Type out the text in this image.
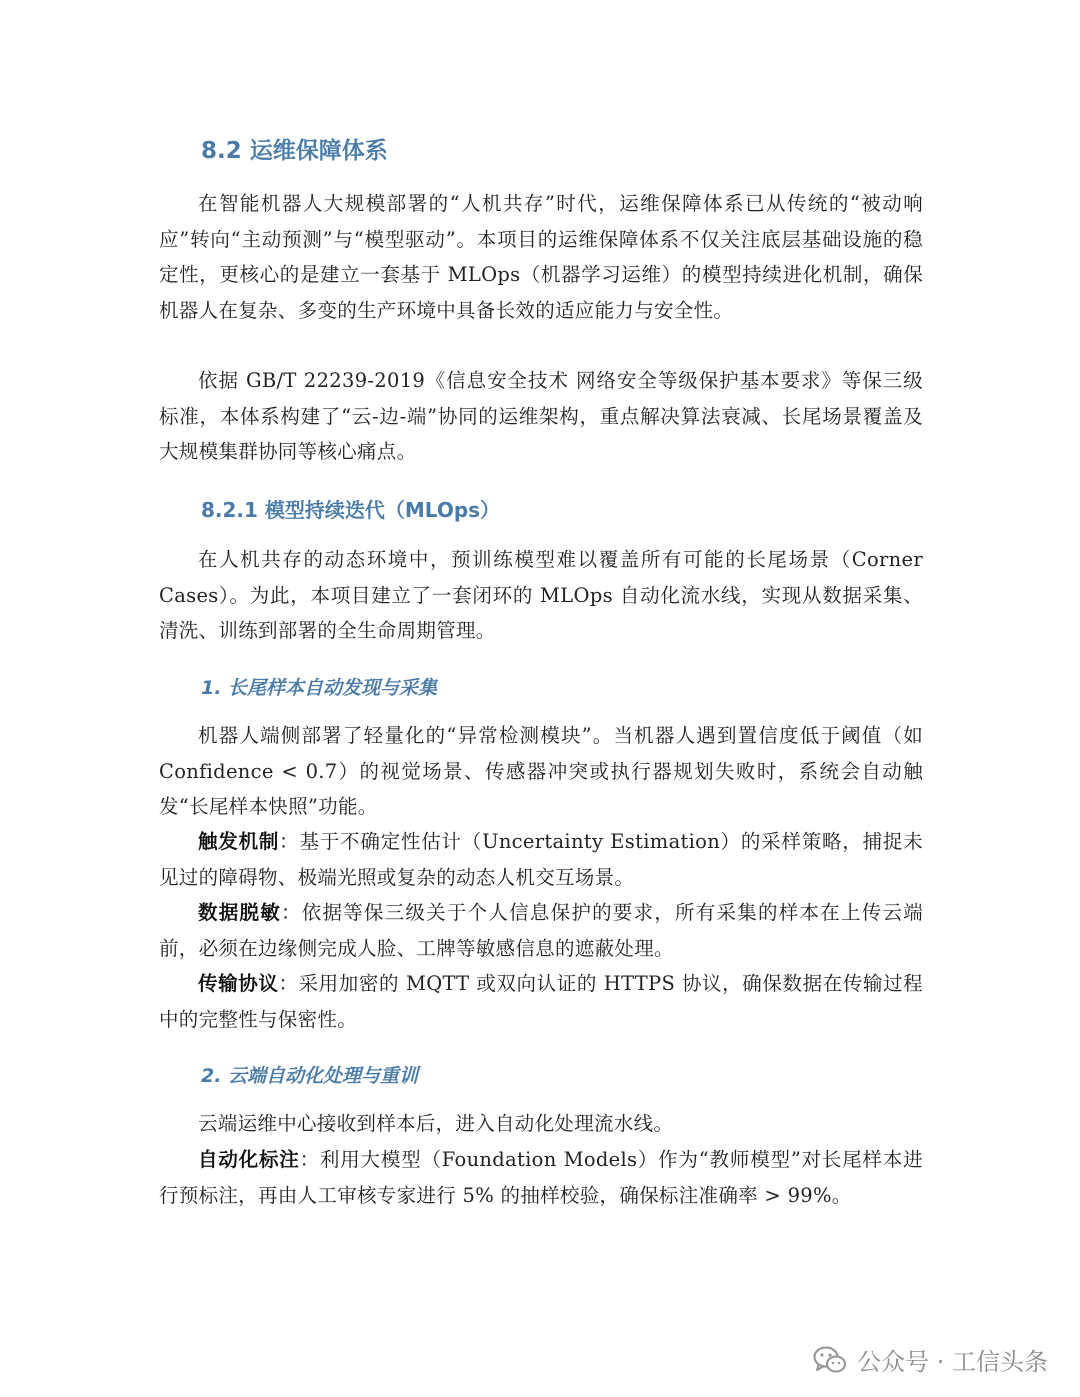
8.2 运维保障体系

在智能机器人大规模部署的“人机共存”时代，运维保障体系已从传统的“被动响应”转向“主动预测”与“模型驱动”。本项目的运维保障体系不仅关注底层基础设施的稳定性，更核心的是建立一套基于 MLOps（机器学习运维）的模型持续进化机制，确保机器人在复杂、多变的生产环境中具备长效的适应能力与安全性。

依据 GB/T 22239-2019《信息安全技术 网络安全等级保护基本要求》等保三级标准，本体系构建了“云-边-端”协同的运维架构，重点解决算法衰减、长尾场景覆盖及大规模集群协同等核心痛点。

8.2.1 模型持续迭代（MLOps）

在人机共存的动态环境中，预训练模型难以覆盖所有可能的长尾场景（Corner Cases）。为此，本项目建立了一套闭环的 MLOps 自动化流水线，实现从数据采集、清洗、训练到部署的全生命周期管理。

1. 长尾样本自动发现与采集

机器人端侧部署了轻量化的“异常检测模块”。当机器人遇到置信度低于阈值（如 Confidence < 0.7）的视觉场景、传感器冲突或执行器规划失败时，系统会自动触发“长尾样本快照”功能。

触发机制：基于不确定性估计（Uncertainty Estimation）的采样策略，捕捉未见过的障碍物、极端光照或复杂的动态人机交互场景。

数据脱敏：依据等保三级关于个人信息保护的要求，所有采集的样本在上传云端前，必须在边缘侧完成人脸、工牌等敏感信息的遮蔽处理。

传输协议：采用加密的 MQTT 或双向认证的 HTTPS 协议，确保数据在传输过程中的完整性与保密性。

2. 云端自动化处理与重训

云端运维中心接收到样本后，进入自动化处理流水线。

自动化标注：利用大模型（Foundation Models）作为“教师模型”对长尾样本进行预标注，再由人工审核专家进行 5% 的抽样校验，确保标注准确率 > 99%。

公众号 · 工信头条
